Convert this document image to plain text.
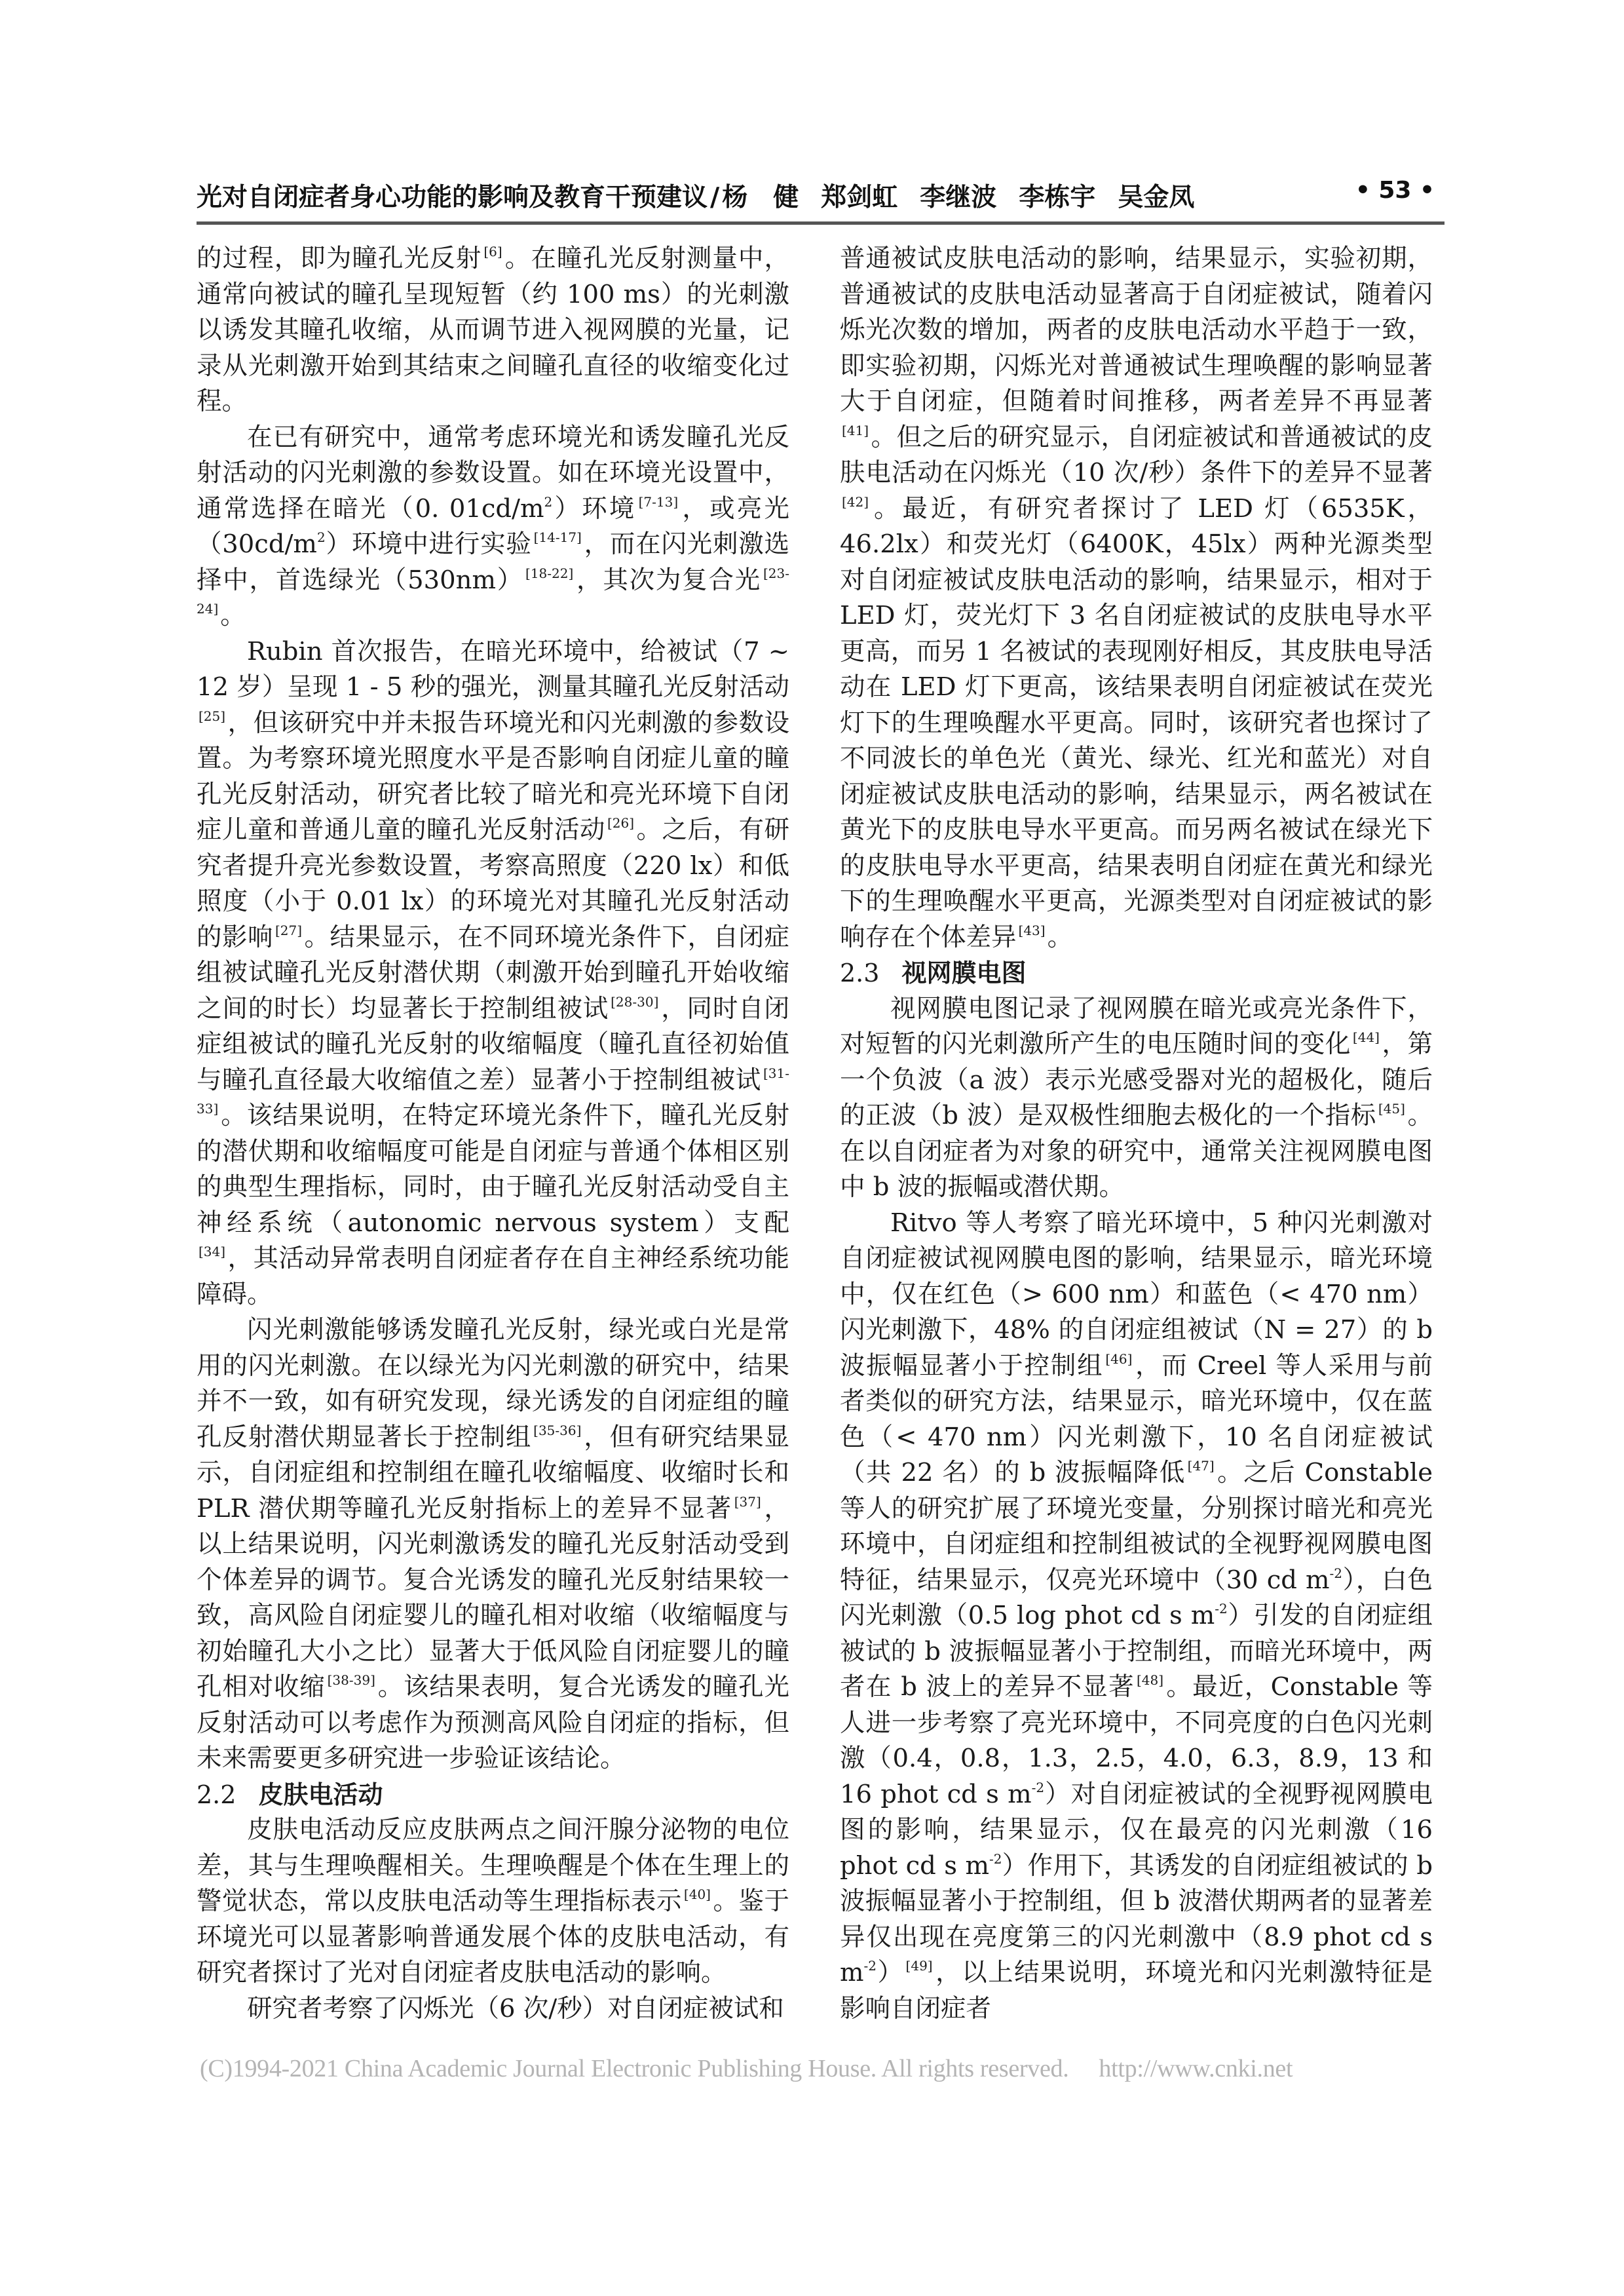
光对自闭症者身心功能的影响及教育干预建议 / 杨　健 郑剑虹 李继波 李栋宇 吴金凤	• 53 •

的过程，即为瞳孔光反射 [6]。在瞳孔光反射测量中，通常向被试的瞳孔呈现短暂（约 100 ms）的光刺激以诱发其瞳孔收缩，从而调节进入视网膜的光量，记录从光刺激开始到其结束之间瞳孔直径的收缩变化过程。

在已有研究中，通常考虑环境光和诱发瞳孔光反射活动的闪光刺激的参数设置。如在环境光设置中，通常选择在暗光（0. $01cd/m^2$）环境 [7-13]，或亮光$(30cd/m^2)$环境中进行实验 [14-17]，而在闪光刺激选择中，首选绿光（530nm） [18-22]，其次为复合光 [23-24]。

Rubin 首次报告，在暗光环境中，给被试（7 ~ 12 岁）呈现 1 - 5 秒的强光，测量其瞳孔光反射活动[25]，但该研究中并未报告环境光和闪光刺激的参数设置。为考察环境光照度水平是否影响自闭症儿童的瞳孔光反射活动，研究者比较了暗光和亮光环境下自闭症儿童和普通儿童的瞳孔光反射活动 [26]。之后，有研究者提升亮光参数设置，考察高照度（220 lx）和低照度（小于 0.01 lx）的环境光对其瞳孔光反射活动的影响 [27]。结果显示，在不同环境光条件下，自闭症组被试瞳孔光反射潜伏期（刺激开始到瞳孔开始收缩之间的时长）均显著长于控制组被试 [28-30]，同时自闭症组被试的瞳孔光反射的收缩幅度（瞳孔直径初始值与瞳孔直径最大收缩值之差）显著小于控制组被试 [31-33]。该结果说明，在特定环境光条件下，瞳孔光反射的潜伏期和收缩幅度可能是自闭症与普通个体相区别的典型生理指标，同时，由于瞳孔光反射活动受自主神经系统（autonomic nervous system）支配[34]，其活动异常表明自闭症者存在自主神经系统功能障碍。

闪光刺激能够诱发瞳孔光反射，绿光或白光是常用的闪光刺激。在以绿光为闪光刺激的研究中，结果并不一致，如有研究发现，绿光诱发的自闭症组的瞳孔反射潜伏期显著长于控制组 [35-36]，但有研究结果显示，自闭症组和控制组在瞳孔收缩幅度、收缩时长和 PLR 潜伏期等瞳孔光反射指标上的差异不显著 [37]，以上结果说明，闪光刺激诱发的瞳孔光反射活动受到个体差异的调节。复合光诱发的瞳孔光反射结果较一致，高风险自闭症婴儿的瞳孔相对收缩（收缩幅度与初始瞳孔大小之比）显著大于低风险自闭症婴儿的瞳孔相对收缩 [38-39]。该结果表明，复合光诱发的瞳孔光反射活动可以考虑作为预测高风险自闭症的指标，但未来需要更多研究进一步验证该结论。

2.2 皮肤电活动

皮肤电活动反应皮肤两点之间汗腺分泌物的电位差，其与生理唤醒相关。生理唤醒是个体在生理上的警觉状态，常以皮肤电活动等生理指标表示 [40]。鉴于环境光可以显著影响普通发展个体的皮肤电活动，有研究者探讨了光对自闭症者皮肤电活动的影响。

研究者考察了闪烁光（6 次/秒）对自闭症被试和

普通被试皮肤电活动的影响，结果显示，实验初期，普通被试的皮肤电活动显著高于自闭症被试，随着闪烁光次数的增加，两者的皮肤电活动水平趋于一致，即实验初期，闪烁光对普通被试生理唤醒的影响显著大于自闭症，但随着时间推移，两者差异不再显著[41]。但之后的研究显示，自闭症被试和普通被试的皮肤电活动在闪烁光（10 次/秒）条件下的差异不显著[42]。最近，有研究者探讨了 LED 灯（6535K，46.2lx）和荧光灯（6400K，45lx）两种光源类型对自闭症被试皮肤电活动的影响，结果显示，相对于 LED 灯，荧光灯下 3 名自闭症被试的皮肤电导水平更高，而另 1 名被试的表现刚好相反，其皮肤电导活动在 LED 灯下更高，该结果表明自闭症被试在荧光灯下的生理唤醒水平更高。同时，该研究者也探讨了不同波长的单色光（黄光、绿光、红光和蓝光）对自闭症被试皮肤电活动的影响，结果显示，两名被试在黄光下的皮肤电导水平更高。而另两名被试在绿光下的皮肤电导水平更高，结果表明自闭症在黄光和绿光下的生理唤醒水平更高，光源类型对自闭症被试的影响存在个体差异 [43]。

2.3 视网膜电图

视网膜电图记录了视网膜在暗光或亮光条件下，对短暂的闪光刺激所产生的电压随时间的变化 [44]，第一个负波（a 波）表示光感受器对光的超极化，随后的正波（b 波）是双极性细胞去极化的一个指标 [45]。在以自闭症者为对象的研究中，通常关注视网膜电图中 b 波的振幅或潜伏期。

Ritvo 等人考察了暗光环境中，5 种闪光刺激对自闭症被试视网膜电图的影响，结果显示，暗光环境中，仅在红色（> 600 nm）和蓝色（< 470 nm）闪光刺激下，48% 的自闭症组被试（N = 27）的 b 波振幅显著小于控制组 [46]，而 Creel 等人采用与前者类似的研究方法，结果显示，暗光环境中，仅在蓝色（< 470 nm）闪光刺激下，10 名自闭症被试（共 22 名）的 b 波振幅降低 [47]。之后 Constable 等人的研究扩展了环境光变量，分别探讨暗光和亮光环境中，自闭症组和控制组被试的全视野视网膜电图特征，结果显示，仅亮光环境中（30 cd $m^{-2}$），白色闪光刺激（0.5 log phot cd s $m^{-2}$）引发的自闭症组被试的 b 波振幅显著小于控制组，而暗光环境中，两者在 b 波上的差异不显著 [48]。最近，Constable 等人进一步考察了亮光环境中，不同亮度的白色闪光刺激（0.4，0.8，1.3，2.5，4.0，6.3，8.9，13 和 16 phot cd s $m^{-2}$）对自闭症被试的全视野视网膜电图的影响，结果显示，仅在最亮的闪光刺激（16 phot cd s $m^{-2}$）作用下，其诱发的自闭症组被试的 b 波振幅显著小于控制组，但 b 波潜伏期两者的显著差异仅出现在亮度第三的闪光刺激中（8.9 phot cd s $m^{-2}$） [49]，以上结果说明，环境光和闪光刺激特征是影响自闭症者

(C)1994-2021 China Academic Journal Electronic Publishing House. All rights reserved. http://www.cnki.net
